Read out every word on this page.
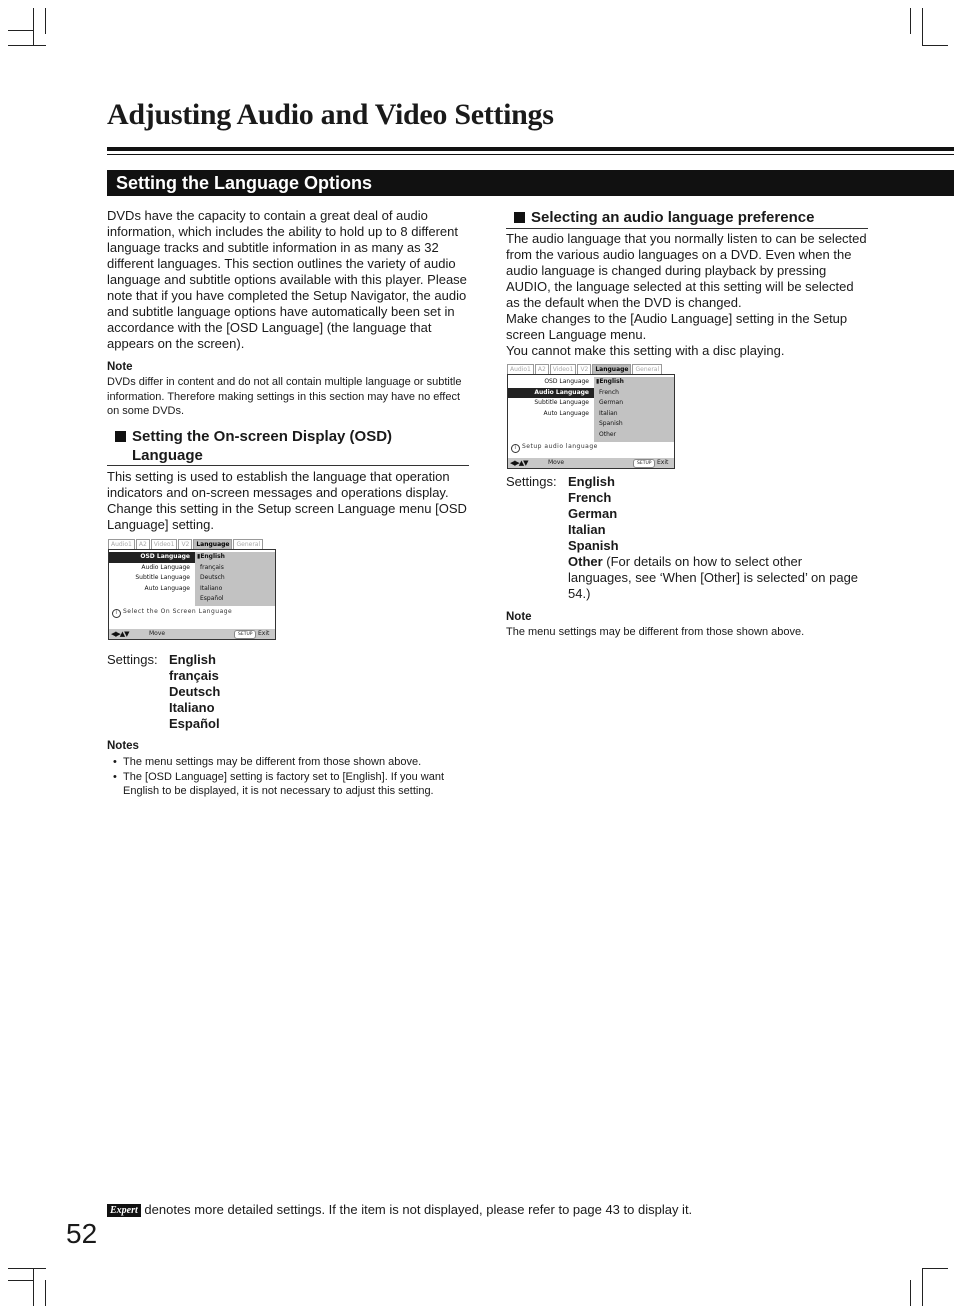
Adjusting Audio and Video Settings
Setting the Language Options
DVDs have the capacity to contain a great deal of audio information, which includes the ability to hold up to 8 different language tracks and subtitle information in as many as 32 different languages. This section outlines the variety of audio language and subtitle options available with this player. Please note that if you have completed the Setup Navigator, the audio and subtitle language options have automatically been set in accordance with the [OSD Language] (the language that appears on the screen).
Note
DVDs differ in content and do not all contain multiple language or subtitle information. Therefore making settings in this section may have no effect on some DVDs.
Setting the On-screen Display (OSD)
Language
This setting is used to establish the language that operation indicators and on-screen messages and operations display. Change this setting in the Setup screen Language menu [OSD Language] setting.
Audio1	A2	Video1	V2	Language	General
OSD Language
Audio Language
Subtitle Language
Auto Language
▮English
français
Deutsch
Italiano
Español
i Select the On Screen Language
◀▶▲▼	Move	SETUP Exit
Settings: English
français
Deutsch
Italiano
Español
Notes
• The menu settings may be different from those shown above.
• The [OSD Language] setting is factory set to [English]. If you want English to be displayed, it is not necessary to adjust this setting.
Selecting an audio language preference
The audio language that you normally listen to can be selected from the various audio languages on a DVD. Even when the audio language is changed during playback by pressing AUDIO, the language selected at this setting will be selected as the default when the DVD is changed.
Make changes to the [Audio Language] setting in the Setup screen Language menu.
You cannot make this setting with a disc playing.
Audio1	A2	Video1	V2	Language	General
OSD Language
Audio Language
Subtitle Language
Auto Language
▮English
French
German
Italian
Spanish
Other
i Setup audio language
◀▶▲▼	Move	SETUP Exit
Settings: English
French
German
Italian
Spanish
Other (For details on how to select other
languages, see ‘When [Other] is selected’ on page
54.)
Note
The menu settings may be different from those shown above.
Expert denotes more detailed settings. If the item is not displayed, please refer to page 43 to display it.
52
